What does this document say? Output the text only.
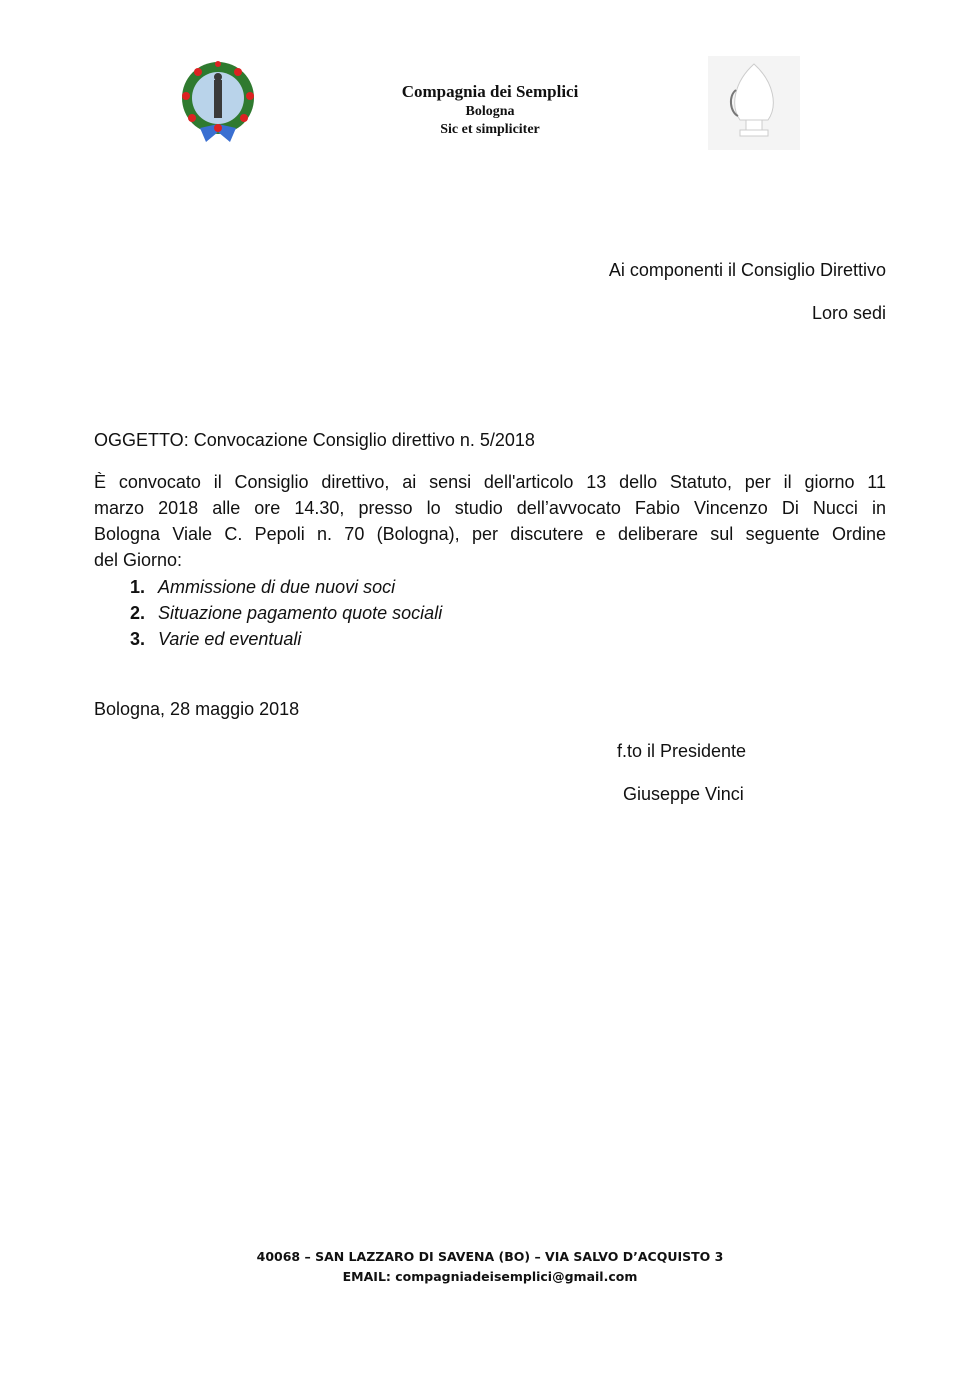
Compagnia dei Semplici
Bologna
Sic et simpliciter
Ai componenti il Consiglio Direttivo
Loro sedi
OGGETTO: Convocazione Consiglio direttivo n. 5/2018
È convocato il Consiglio direttivo, ai sensi dell'articolo 13 dello Statuto, per il giorno 11
marzo 2018 alle ore 14.30, presso lo studio dell’avvocato Fabio Vincenzo Di Nucci in
Bologna Viale C. Pepoli n. 70 (Bologna), per discutere e deliberare sul seguente Ordine
del Giorno:
1. Ammissione di due nuovi soci
2. Situazione pagamento quote sociali
3. Varie ed eventuali
Bologna, 28 maggio 2018
f.to il Presidente
Giuseppe Vinci
40068 – SAN LAZZARO DI SAVENA (BO) – VIA SALVO D’ACQUISTO 3
EMAIL: compagniadeisemplici@gmail.com
